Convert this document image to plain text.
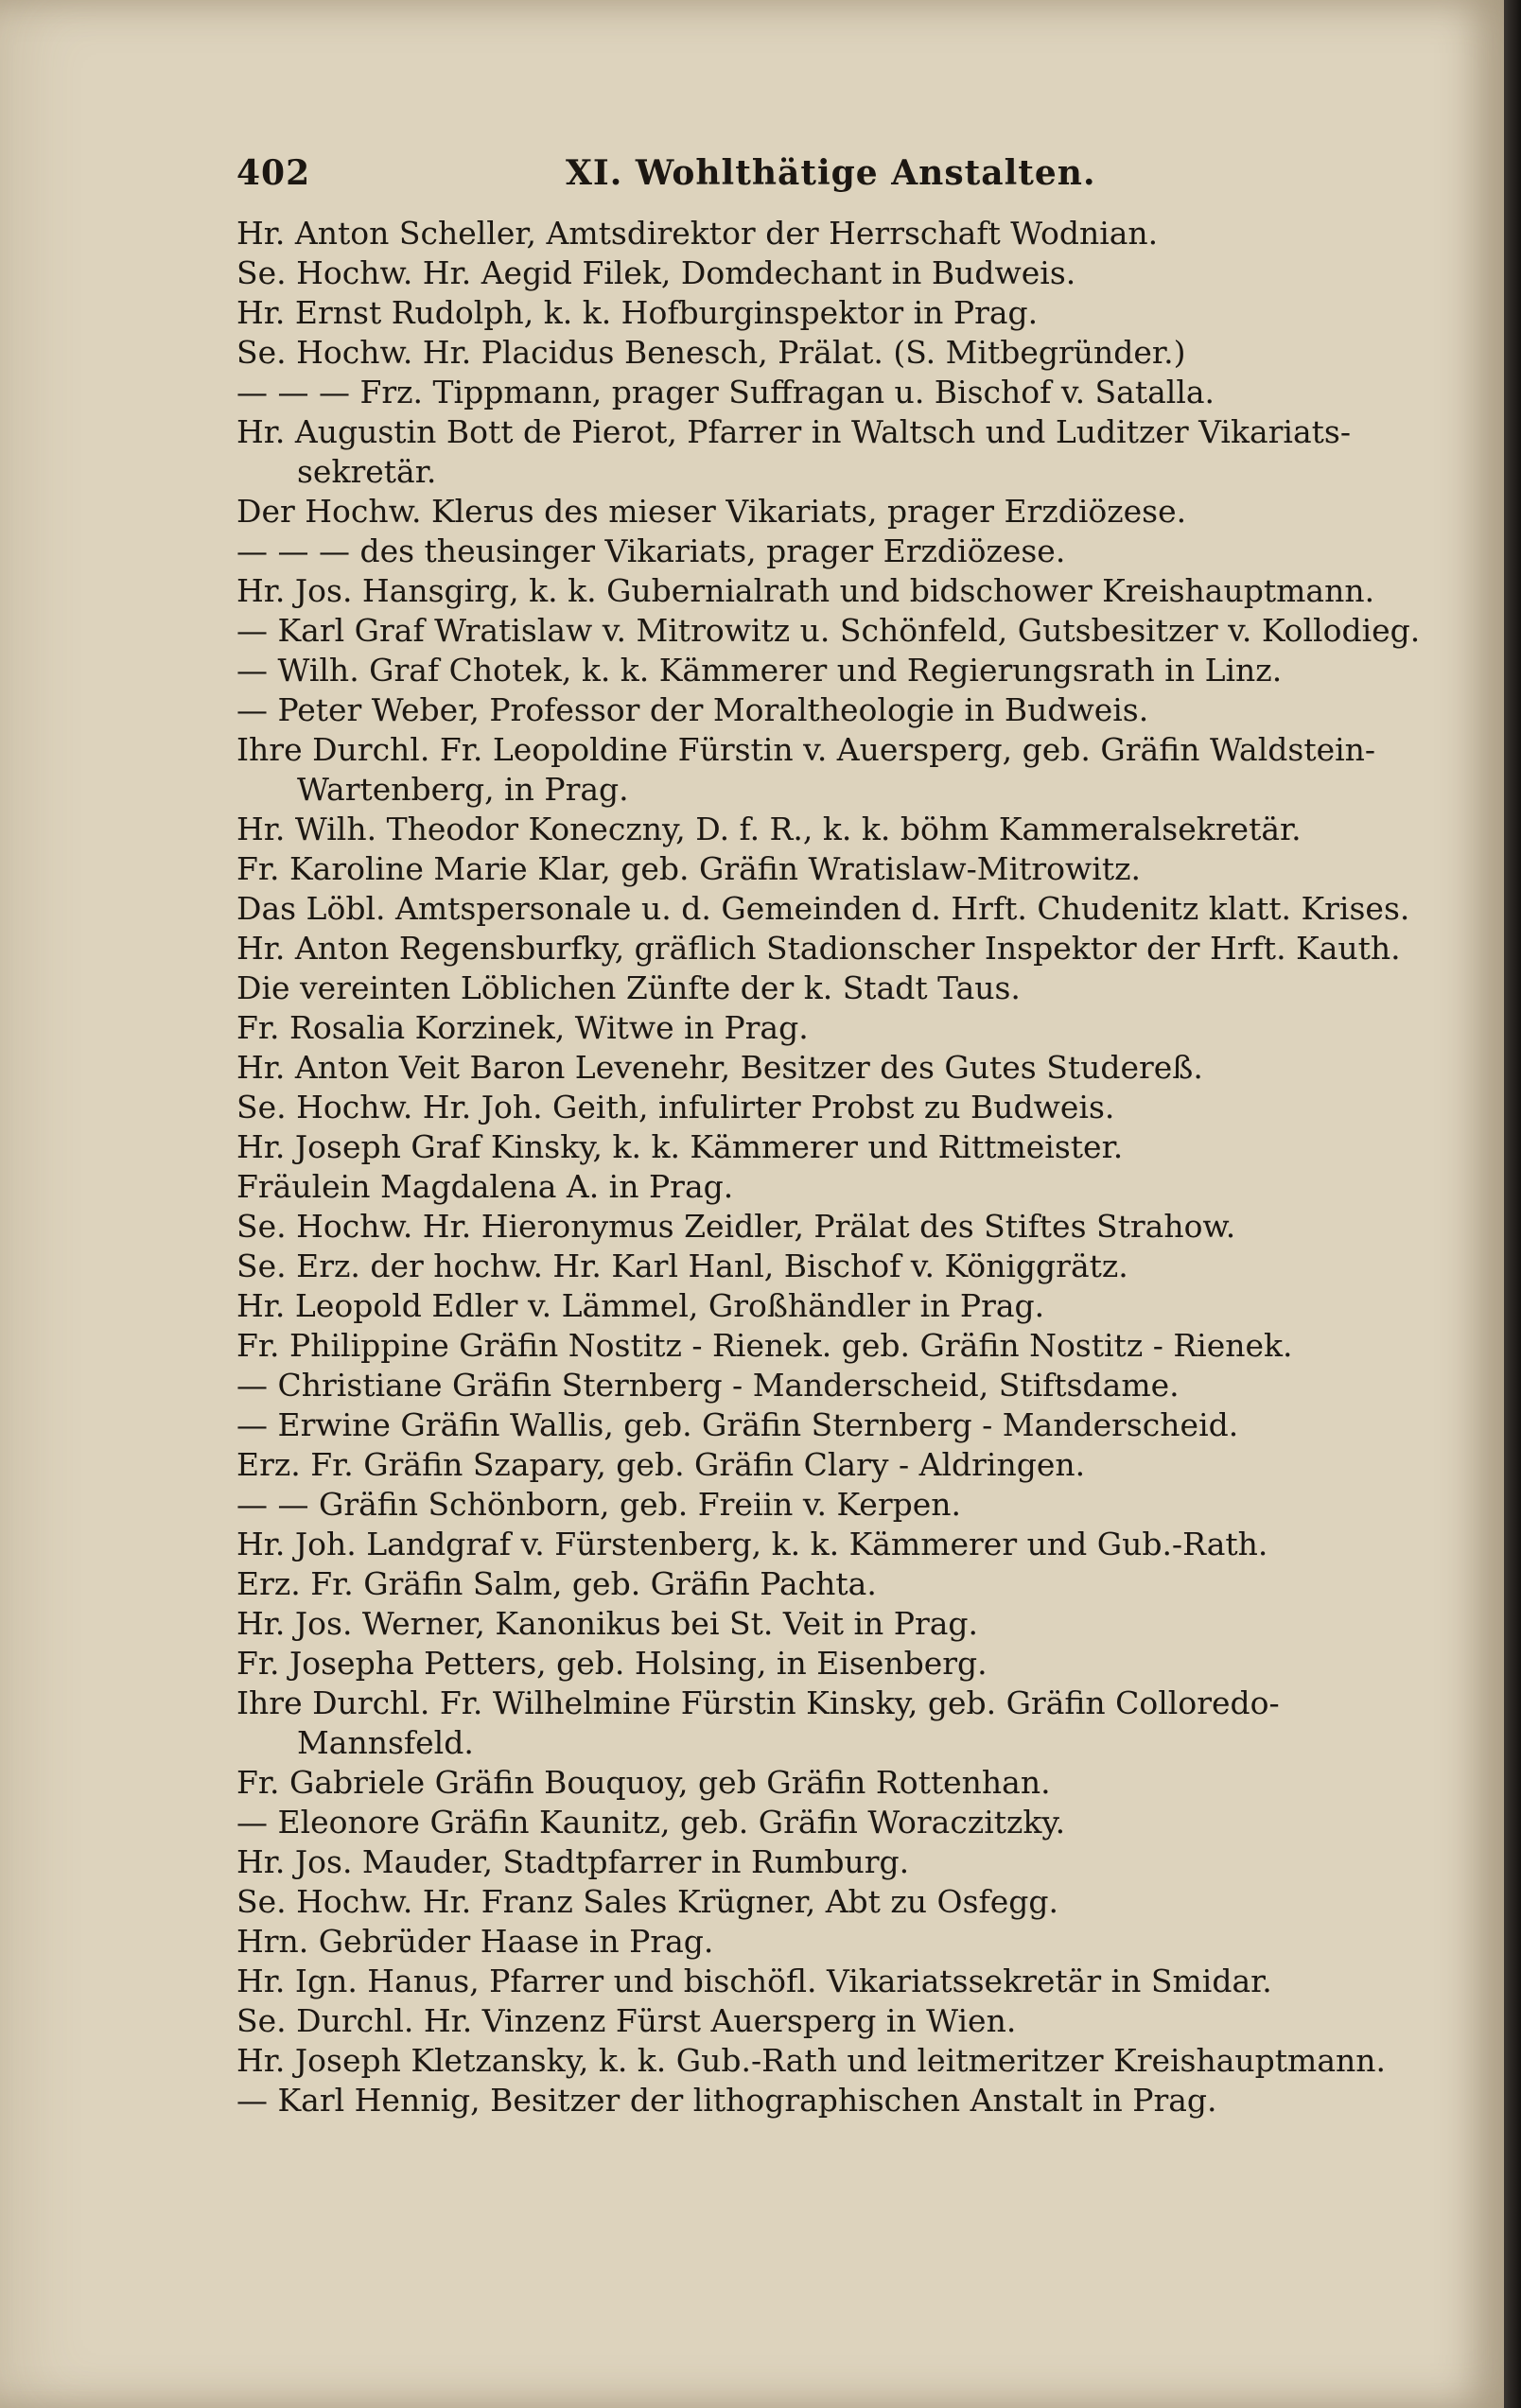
402	XI. Wohlthätige Anstalten.
Hr. Anton Scheller, Amtsdirektor der Herrschaft Wodnian.
Se. Hochw. Hr. Aegid Filek, Domdechant in Budweis.
Hr. Ernst Rudolph, k. k. Hofburginspektor in Prag.
Se. Hochw. Hr. Placidus Benesch, Prälat. (S. Mitbegründer.)
— — — Frz. Tippmann, prager Suffragan u. Bischof v. Satalla.
Hr. Augustin Bott de Pierot, Pfarrer in Waltsch und Luditzer Vikariats-
sekretär.
Der Hochw. Klerus des mieser Vikariats, prager Erzdiözese.
— — — des theusinger Vikariats, prager Erzdiözese.
Hr. Jos. Hansgirg, k. k. Gubernialrath und bidschower Kreishauptmann.
— Karl Graf Wratislaw v. Mitrowitz u. Schönfeld, Gutsbesitzer v. Kollodieg.
— Wilh. Graf Chotek, k. k. Kämmerer und Regierungsrath in Linz.
— Peter Weber, Professor der Moraltheologie in Budweis.
Ihre Durchl. Fr. Leopoldine Fürstin v. Auersperg, geb. Gräfin Waldstein-
Wartenberg, in Prag.
Hr. Wilh. Theodor Koneczny, D. f. R., k. k. böhm Kammeralsekretär.
Fr. Karoline Marie Klar, geb. Gräfin Wratislaw-Mitrowitz.
Das Löbl. Amtspersonale u. d. Gemeinden d. Hrft. Chudenitz klatt. Krises.
Hr. Anton Regensburfky, gräflich Stadionscher Inspektor der Hrft. Kauth.
Die vereinten Löblichen Zünfte der k. Stadt Taus.
Fr. Rosalia Korzinek, Witwe in Prag.
Hr. Anton Veit Baron Levenehr, Besitzer des Gutes Studereß.
Se. Hochw. Hr. Joh. Geith, infulirter Probst zu Budweis.
Hr. Joseph Graf Kinsky, k. k. Kämmerer und Rittmeister.
Fräulein Magdalena A. in Prag.
Se. Hochw. Hr. Hieronymus Zeidler, Prälat des Stiftes Strahow.
Se. Erz. der hochw. Hr. Karl Hanl, Bischof v. Königgrätz.
Hr. Leopold Edler v. Lämmel, Großhändler in Prag.
Fr. Philippine Gräfin Nostitz - Rienek. geb. Gräfin Nostitz - Rienek.
— Christiane Gräfin Sternberg - Manderscheid, Stiftsdame.
— Erwine Gräfin Wallis, geb. Gräfin Sternberg - Manderscheid.
Erz. Fr. Gräfin Szapary, geb. Gräfin Clary - Aldringen.
— — Gräfin Schönborn, geb. Freiin v. Kerpen.
Hr. Joh. Landgraf v. Fürstenberg, k. k. Kämmerer und Gub.-Rath.
Erz. Fr. Gräfin Salm, geb. Gräfin Pachta.
Hr. Jos. Werner, Kanonikus bei St. Veit in Prag.
Fr. Josepha Petters, geb. Holsing, in Eisenberg.
Ihre Durchl. Fr. Wilhelmine Fürstin Kinsky, geb. Gräfin Colloredo-
Mannsfeld.
Fr. Gabriele Gräfin Bouquoy, geb Gräfin Rottenhan.
— Eleonore Gräfin Kaunitz, geb. Gräfin Woraczitzky.
Hr. Jos. Mauder, Stadtpfarrer in Rumburg.
Se. Hochw. Hr. Franz Sales Krügner, Abt zu Osfegg.
Hrn. Gebrüder Haase in Prag.
Hr. Ign. Hanus, Pfarrer und bischöfl. Vikariatssekretär in Smidar.
Se. Durchl. Hr. Vinzenz Fürst Auersperg in Wien.
Hr. Joseph Kletzansky, k. k. Gub.-Rath und leitmeritzer Kreishauptmann.
— Karl Hennig, Besitzer der lithographischen Anstalt in Prag.
